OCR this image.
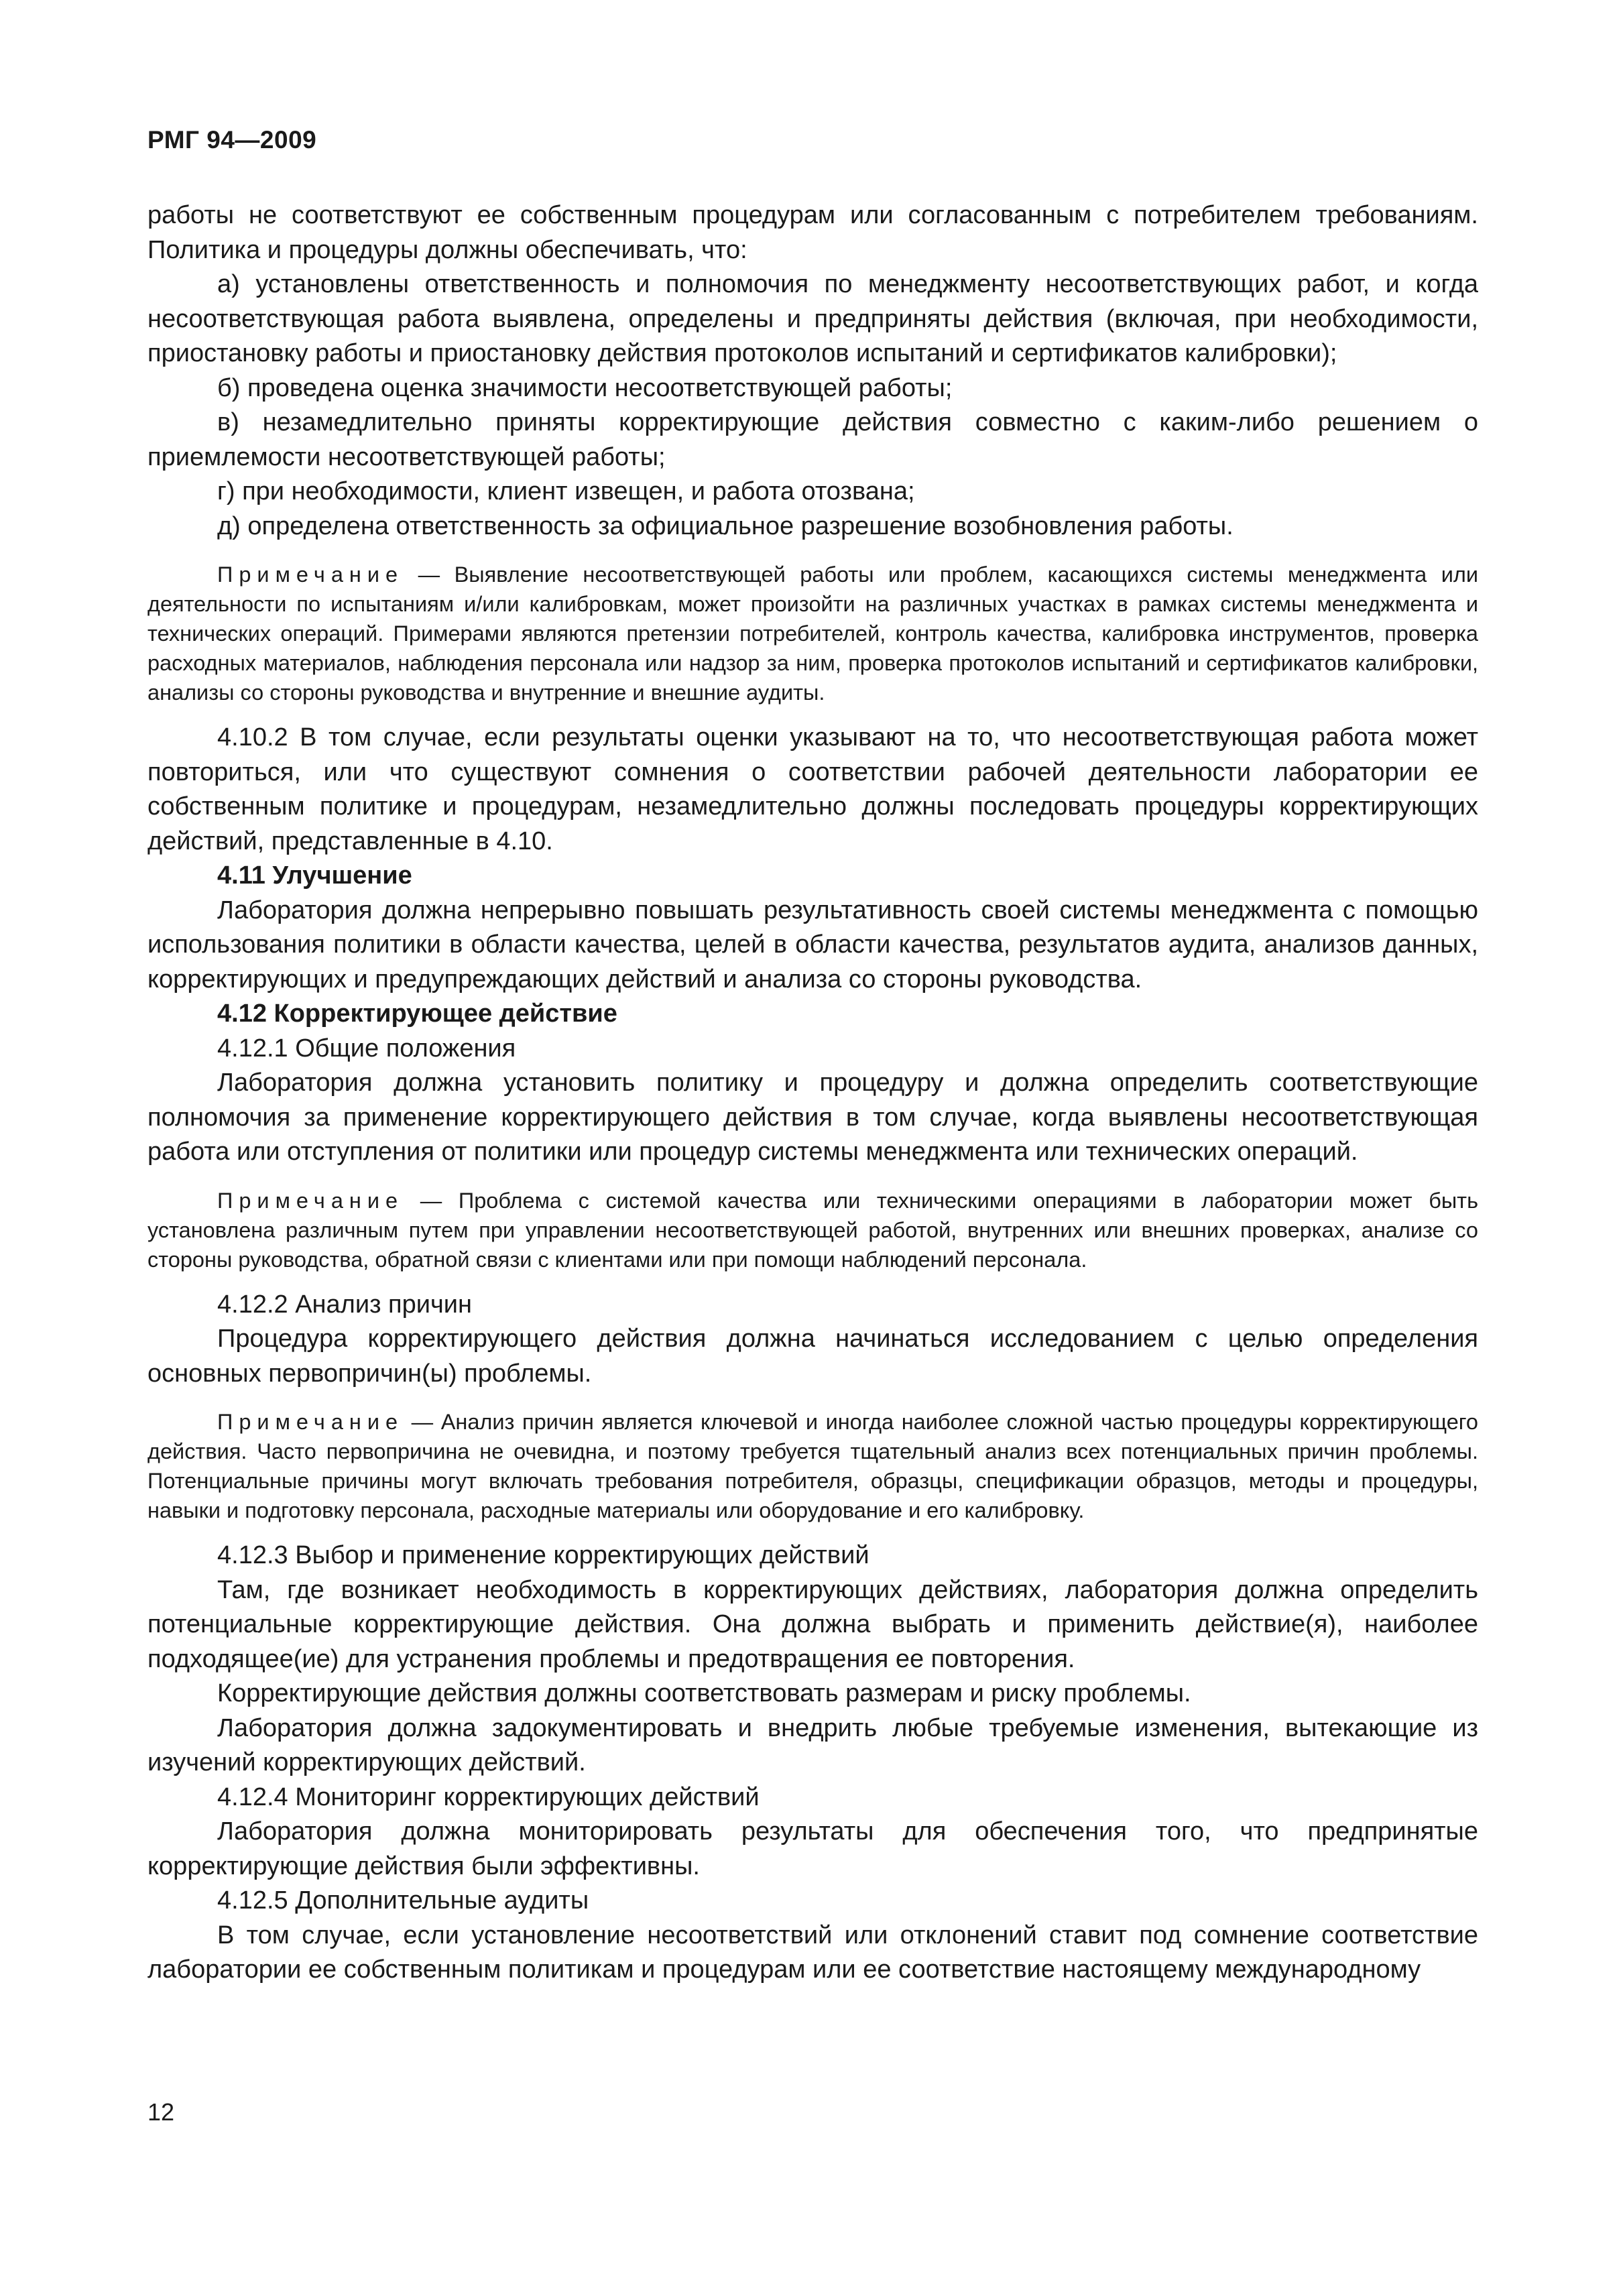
РМГ 94—2009

работы не соответствуют ее собственным процедурам или согласованным с потребителем требованиям. Политика и процедуры должны обеспечивать, что:

а) установлены ответственность и полномочия по менеджменту несоответствующих работ, и когда несоответствующая работа выявлена, определены и предприняты действия (включая, при необходимости, приостановку работы и приостановку действия протоколов испытаний и сертификатов калибровки);

б) проведена оценка значимости несоответствующей работы;

в) незамедлительно приняты корректирующие действия совместно с каким-либо решением о приемлемости несоответствующей работы;

г) при необходимости, клиент извещен, и работа отозвана;

д) определена ответственность за официальное разрешение возобновления работы.

Примечание — Выявление несоответствующей работы или проблем, касающихся системы менеджмента или деятельности по испытаниям и/или калибровкам, может произойти на различных участках в рамках системы менеджмента и технических операций. Примерами являются претензии потребителей, контроль качества, калибровка инструментов, проверка расходных материалов, наблюдения персонала или надзор за ним, проверка протоколов испытаний и сертификатов калибровки, анализы со стороны руководства и внутренние и внешние аудиты.

4.10.2 В том случае, если результаты оценки указывают на то, что несоответствующая работа может повториться, или что существуют сомнения о соответствии рабочей деятельности лаборатории ее собственным политике и процедурам, незамедлительно должны последовать процедуры корректирующих действий, представленные в 4.10.

4.11 Улучшение

Лаборатория должна непрерывно повышать результативность своей системы менеджмента с помощью использования политики в области качества, целей в области качества, результатов аудита, анализов данных, корректирующих и предупреждающих действий и анализа со стороны руководства.

4.12 Корректирующее действие

4.12.1 Общие положения

Лаборатория должна установить политику и процедуру и должна определить соответствующие полномочия за применение корректирующего действия в том случае, когда выявлены несоответствующая работа или отступления от политики или процедур системы менеджмента или технических операций.

Примечание — Проблема с системой качества или техническими операциями в лаборатории может быть установлена различным путем при управлении несоответствующей работой, внутренних или внешних проверках, анализе со стороны руководства, обратной связи с клиентами или при помощи наблюдений персонала.

4.12.2 Анализ причин

Процедура корректирующего действия должна начинаться исследованием с целью определения основных первопричин(ы) проблемы.

Примечание — Анализ причин является ключевой и иногда наиболее сложной частью процедуры корректирующего действия. Часто первопричина не очевидна, и поэтому требуется тщательный анализ всех потенциальных причин проблемы. Потенциальные причины могут включать требования потребителя, образцы, спецификации образцов, методы и процедуры, навыки и подготовку персонала, расходные материалы или оборудование и его калибровку.

4.12.3 Выбор и применение корректирующих действий

Там, где возникает необходимость в корректирующих действиях, лаборатория должна определить потенциальные корректирующие действия. Она должна выбрать и применить действие(я), наиболее подходящее(ие) для устранения проблемы и предотвращения ее повторения.

Корректирующие действия должны соответствовать размерам и риску проблемы.

Лаборатория должна задокументировать и внедрить любые требуемые изменения, вытекающие из изучений корректирующих действий.

4.12.4 Мониторинг корректирующих действий

Лаборатория должна мониторировать результаты для обеспечения того, что предпринятые корректирующие действия были эффективны.

4.12.5 Дополнительные аудиты

В том случае, если установление несоответствий или отклонений ставит под сомнение соответствие лаборатории ее собственным политикам и процедурам или ее соответствие настоящему международному

12
